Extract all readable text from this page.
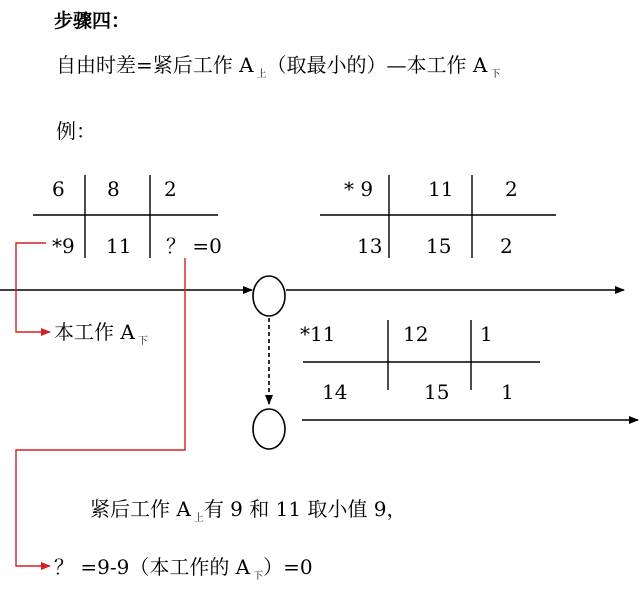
步骤四：
自由时差=紧后工作 A $_上$（取最小的）—本工作 A $_下$
例：
6 8 2
*9 11 ？ =0
* 9	11	2
13 15 2
*11	12	1
14	15	1
本工作 A $_下$
紧后工作 A $_上$有 9 和 11 取小值 9，
？ =9-9（本工作的 A $_下$）=0
